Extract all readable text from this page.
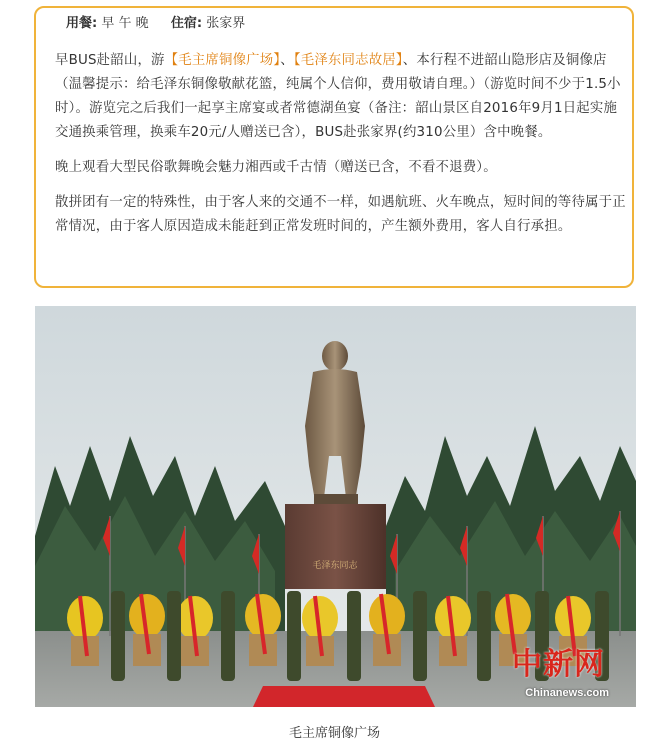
用餐: 早 午 晚 住宿: 张家界

早BUS赴韶山，游【毛主席铜像广场】、【毛泽东同志故居】、本行程不进韶山隐形店及铜像店（温馨提示：给毛泽东铜像敬献花篮，纯属个人信仰，费用敬请自理。）（游览时间不少于1.5小时）。游览完之后我们一起享主席宴或者常德湖鱼宴（备注：韶山景区自2016年9月1日起实施交通换乘管理，换乘车20元/人赠送已含），BUS赴张家界(约310公里）含中晚餐。

晚上观看大型民俗歌舞晚会魅力湘西或千古情（赠送已含，不看不退费）。

散拼团有一定的特殊性，由于客人来的交通不一样，如遇航班、火车晚点，短时间的等待属于正常情况，由于客人原因造成未能赶到正常发班时间的，产生额外费用，客人自行承担。

毛泽东同志
中新网
Chinanews.com
毛主席铜像广场
